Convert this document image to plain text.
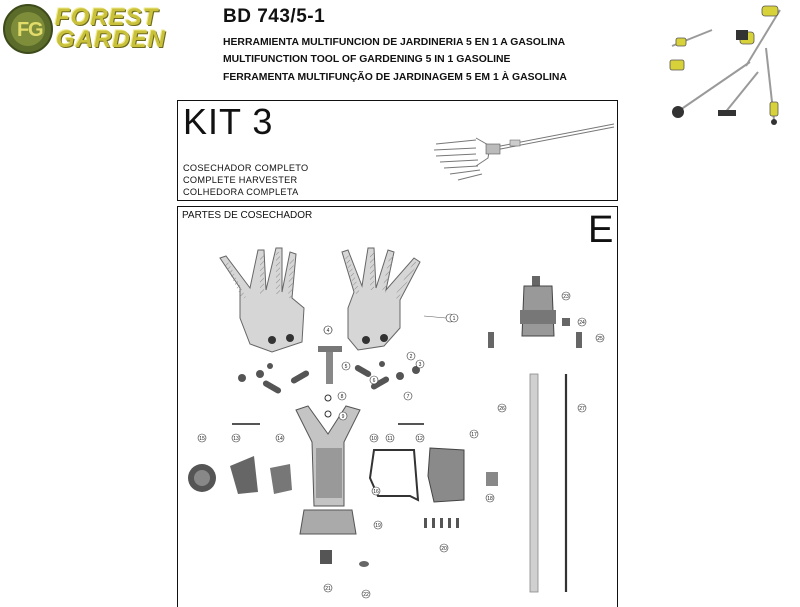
F
G FOREST
GARDEN
BD 743/5-1
HERRAMIENTA MULTIFUNCION DE JARDINERIA 5 EN 1 A GASOLINA
MULTIFUNCTION TOOL OF GARDENING 5 IN 1 GASOLINE
FERRAMENTA MULTIFUNÇÃO DE JARDINAGEM 5 EM 1 À GASOLINA
KIT 3
COSECHADOR COMPLETO
COMPLETE HARVESTER
COLHEDORA COMPLETA
PARTES DE COSECHADOR	E
1
2
3
4
5
6
7
8
9
10 11	12
13	14
15
16
17
18
19
20
21
22
23
24
25
26	27
